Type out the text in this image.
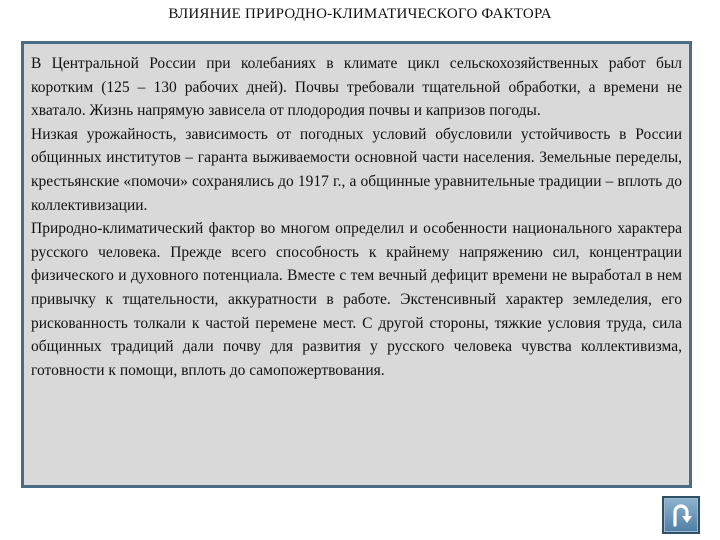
ВЛИЯНИЕ ПРИРОДНО-КЛИМАТИЧЕСКОГО ФАКТОРА

В Центральной России при колебаниях в климате цикл сельскохозяйственных работ был коротким (125 – 130 рабочих дней). Почвы требовали тщательной обработки, а времени не хватало. Жизнь напрямую зависела от плодородия почвы и капризов погоды.

Низкая урожайность, зависимость от погодных условий обусловили устойчивость в России общинных институтов – гаранта выживаемости основной части населения. Земельные переделы, крестьянские «помочи» сохранялись до 1917 г., а общинные уравнительные традиции – вплоть до коллективизации.

Природно-климатический фактор во многом определил и особенности национального характера русского человека. Прежде всего способность к крайнему напряжению сил, концентрации физического и духовного потенциала. Вместе с тем вечный дефицит времени не выработал в нем привычку к тщательности, аккуратности в работе. Экстенсивный характер земледелия, его рискованность толкали к частой перемене мест. С другой стороны, тяжкие условия труда, сила общинных традиций дали почву для развития у русского человека чувства коллективизма, готовности к помощи, вплоть до самопожертвования.
